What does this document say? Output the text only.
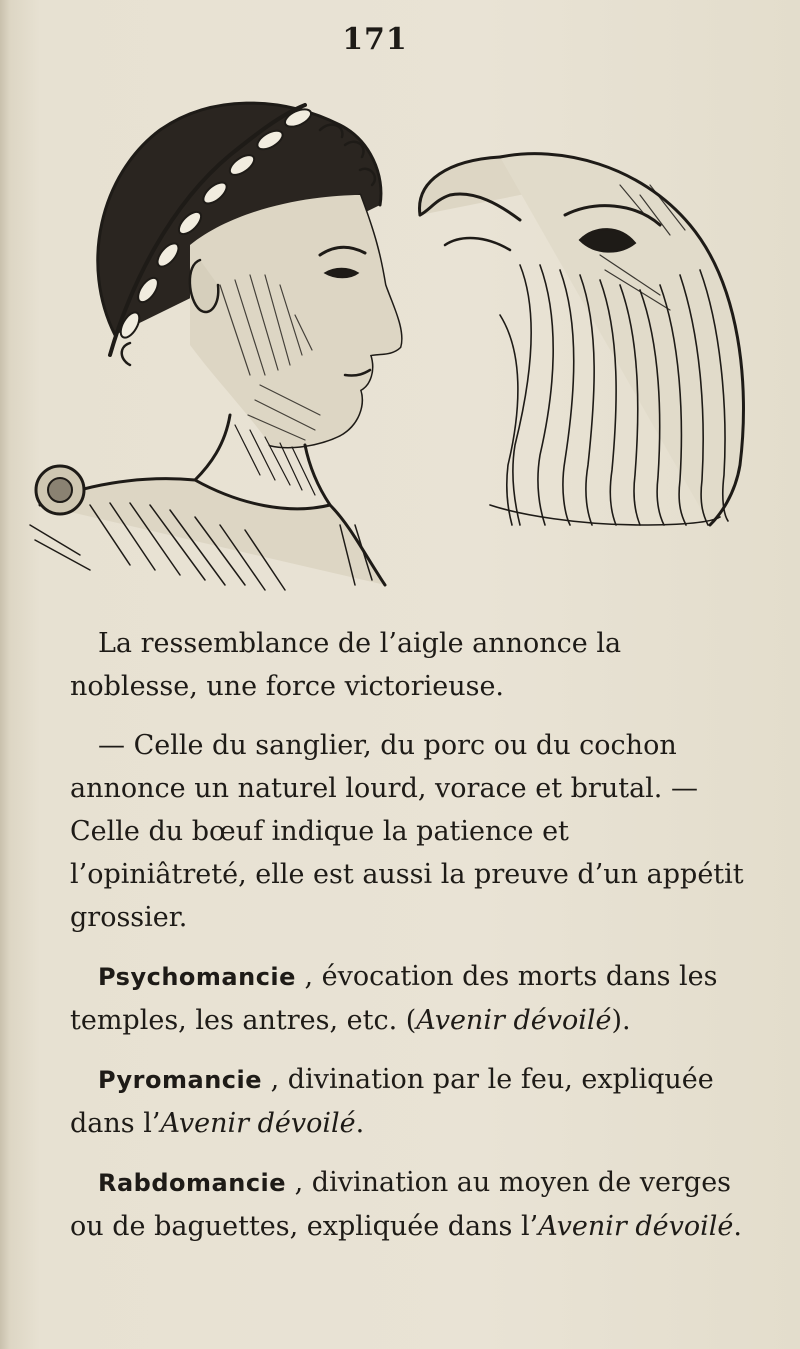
171

La ressemblance de l’aigle annonce la noblesse, une force victorieuse.

— Celle du sanglier, du porc ou du cochon annonce un naturel lourd, vorace et brutal. — Celle du bœuf indique la patience et l’opiniâtreté, elle est aussi la preuve d’un appétit grossier.

Psychomancie , évocation des morts dans les temples, les antres, etc. (Avenir dévoilé).

Pyromancie , divination par le feu, expliquée dans l’Avenir dévoilé.

Rabdomancie , divination au moyen de verges ou de baguettes, expliquée dans l’Avenir dévoilé.
